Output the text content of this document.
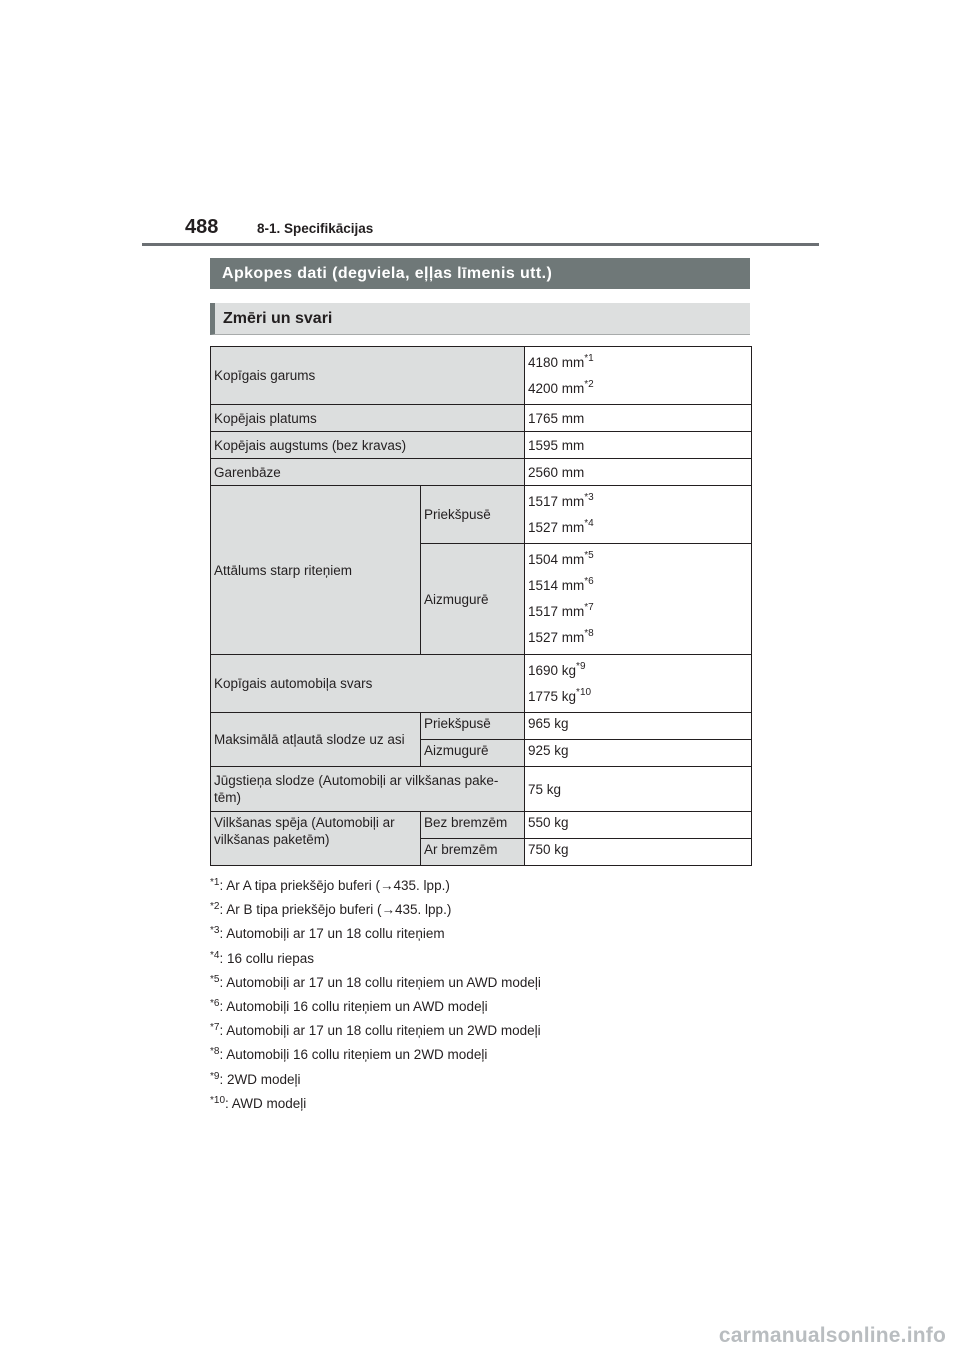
488	8-1. Specifikācijas
Apkopes dati (degviela, eļļas līmenis utt.)
Zmēri un svari
Kopīgais garums		4180 $mm^{*1}$
4200 $mm^{*2}$

Kopējais platums		1765 mm
Kopējais augstums (bez kravas)		1595 mm
Garenbāze		2560 mm
Attālums starp riteņiem	Priekšpusē	1517 $mm^{*3}$
1527 $mm^{*4}$

	Aizmugurē	1504 $mm^{*5}$
1514 $mm^{*6}$
1517 $mm^{*7}$
1527 $mm^{*8}$

Kopīgais automobiļa svars		1690 $kg^{*9}$
1775 $kg^{*10}$

Maksimālā atļautā slodze uz asi	Priekšpusē	965 kg
	Aizmugurē	925 kg
Jūgstieņa slodze (Automobiļi ar vilkšanas pake-tēm)		75 kg
Vilkšanas spēja (Automobiļi ar vilkšanas paketēm)	Bez bremzēm	550 kg
	Ar bremzēm	750 kg
$^{*1}$: Ar A tipa priekšējo buferi (→435. lpp.)
$^{*2}$: Ar B tipa priekšējo buferi (→435. lpp.)
$^{*3}$: Automobiļi ar 17 un 18 collu riteņiem
$^{*4}$: 16 collu riepas
$^{*5}$: Automobiļi ar 17 un 18 collu riteņiem un AWD modeļi
$^{*6}$: Automobiļi 16 collu riteņiem un AWD modeļi
$^{*7}$: Automobiļi ar 17 un 18 collu riteņiem un 2WD modeļi
$^{*8}$: Automobiļi 16 collu riteņiem un 2WD modeļi
$^{*9}$: 2WD modeļi
$^{*10}$: AWD modeļi
carmanualsonline.info
